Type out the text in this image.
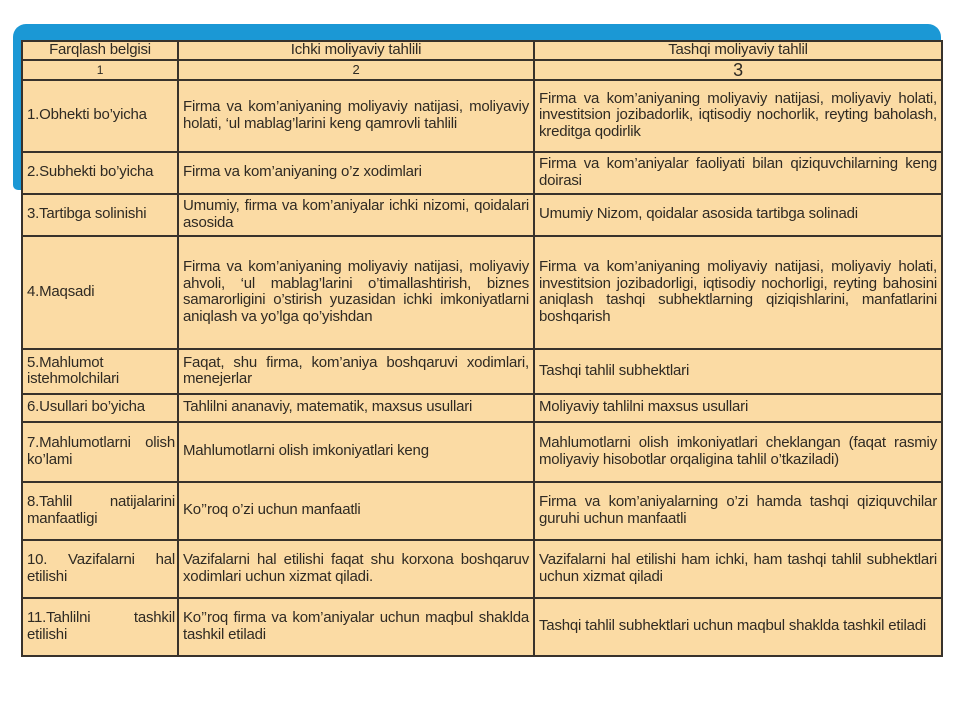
Farqlash belgisi	Ichki moliyaviy tahlili	Tashqi moliyaviy tahlil
1	2	3
1.Obhekti bo’yicha	Firma va kom’aniyaning moliyaviy natijasi, moliyaviy holati, ‘ul mablag’larini keng qamrovli tahlili	Firma va kom’aniyaning moliyaviy natijasi, moliyaviy holati, investitsion jozibadorlik, iqtisodiy nochorlik, reyting baholash, kreditga qodirlik
2.Subhekti bo’yicha	Firma va kom’aniyaning o’z xodimlari	Firma va kom’aniyalar faoliyati bilan qiziquvchilarning keng doirasi
3.Tartibga solinishi	Umumiy, firma va kom’aniyalar ichki nizomi, qoidalari asosida	Umumiy Nizom, qoidalar asosida tartibga solinadi
4.Maqsadi	Firma va kom’aniyaning moliyaviy natijasi, moliyaviy ahvoli, ‘ul mablag’larini o’timallashtirish, biznes samarorligini o’stirish yuzasidan ichki imkoniyatlarni aniqlash va yo’lga qo’yishdan	Firma va kom’aniyaning moliyaviy natijasi, moliyaviy holati, investitsion jozibadorligi, iqtisodiy nochorligi, reyting bahosini aniqlash tashqi subhektlarning qiziqishlarini, manfatlarini boshqarish
5.Mahlumot istehmolchilari	Faqat, shu firma, kom’aniya boshqaruvi xodimlari, menejerlar	Tashqi tahlil subhektlari
6.Usullari bo’yicha	Tahlilni ananaviy, matematik, maxsus usullari	Moliyaviy tahlilni maxsus usullari
7.Mahlumotlarni olish ko’lami	Mahlumotlarni olish imkoniyatlari keng	Mahlumotlarni olish imkoniyatlari cheklangan (faqat rasmiy moliyaviy hisobotlar orqaligina tahlil o’tkaziladi)
8.Tahlil natijalarini manfaatligi	Ko’’roq o’zi uchun manfaatli	Firma va kom’aniyalarning o’zi hamda tashqi qiziquvchilar guruhi uchun manfaatli
10. Vazifalarni hal etilishi	Vazifalarni hal etilishi faqat shu korxona boshqaruv xodimlari uchun xizmat qiladi.	Vazifalarni hal etilishi ham ichki, ham tashqi tahlil subhektlari uchun xizmat qiladi
11.Tahlilni tashkil etilishi	Ko’’roq firma va kom’aniyalar uchun maqbul shaklda tashkil etiladi	Tashqi tahlil subhektlari uchun maqbul shaklda tashkil etiladi
